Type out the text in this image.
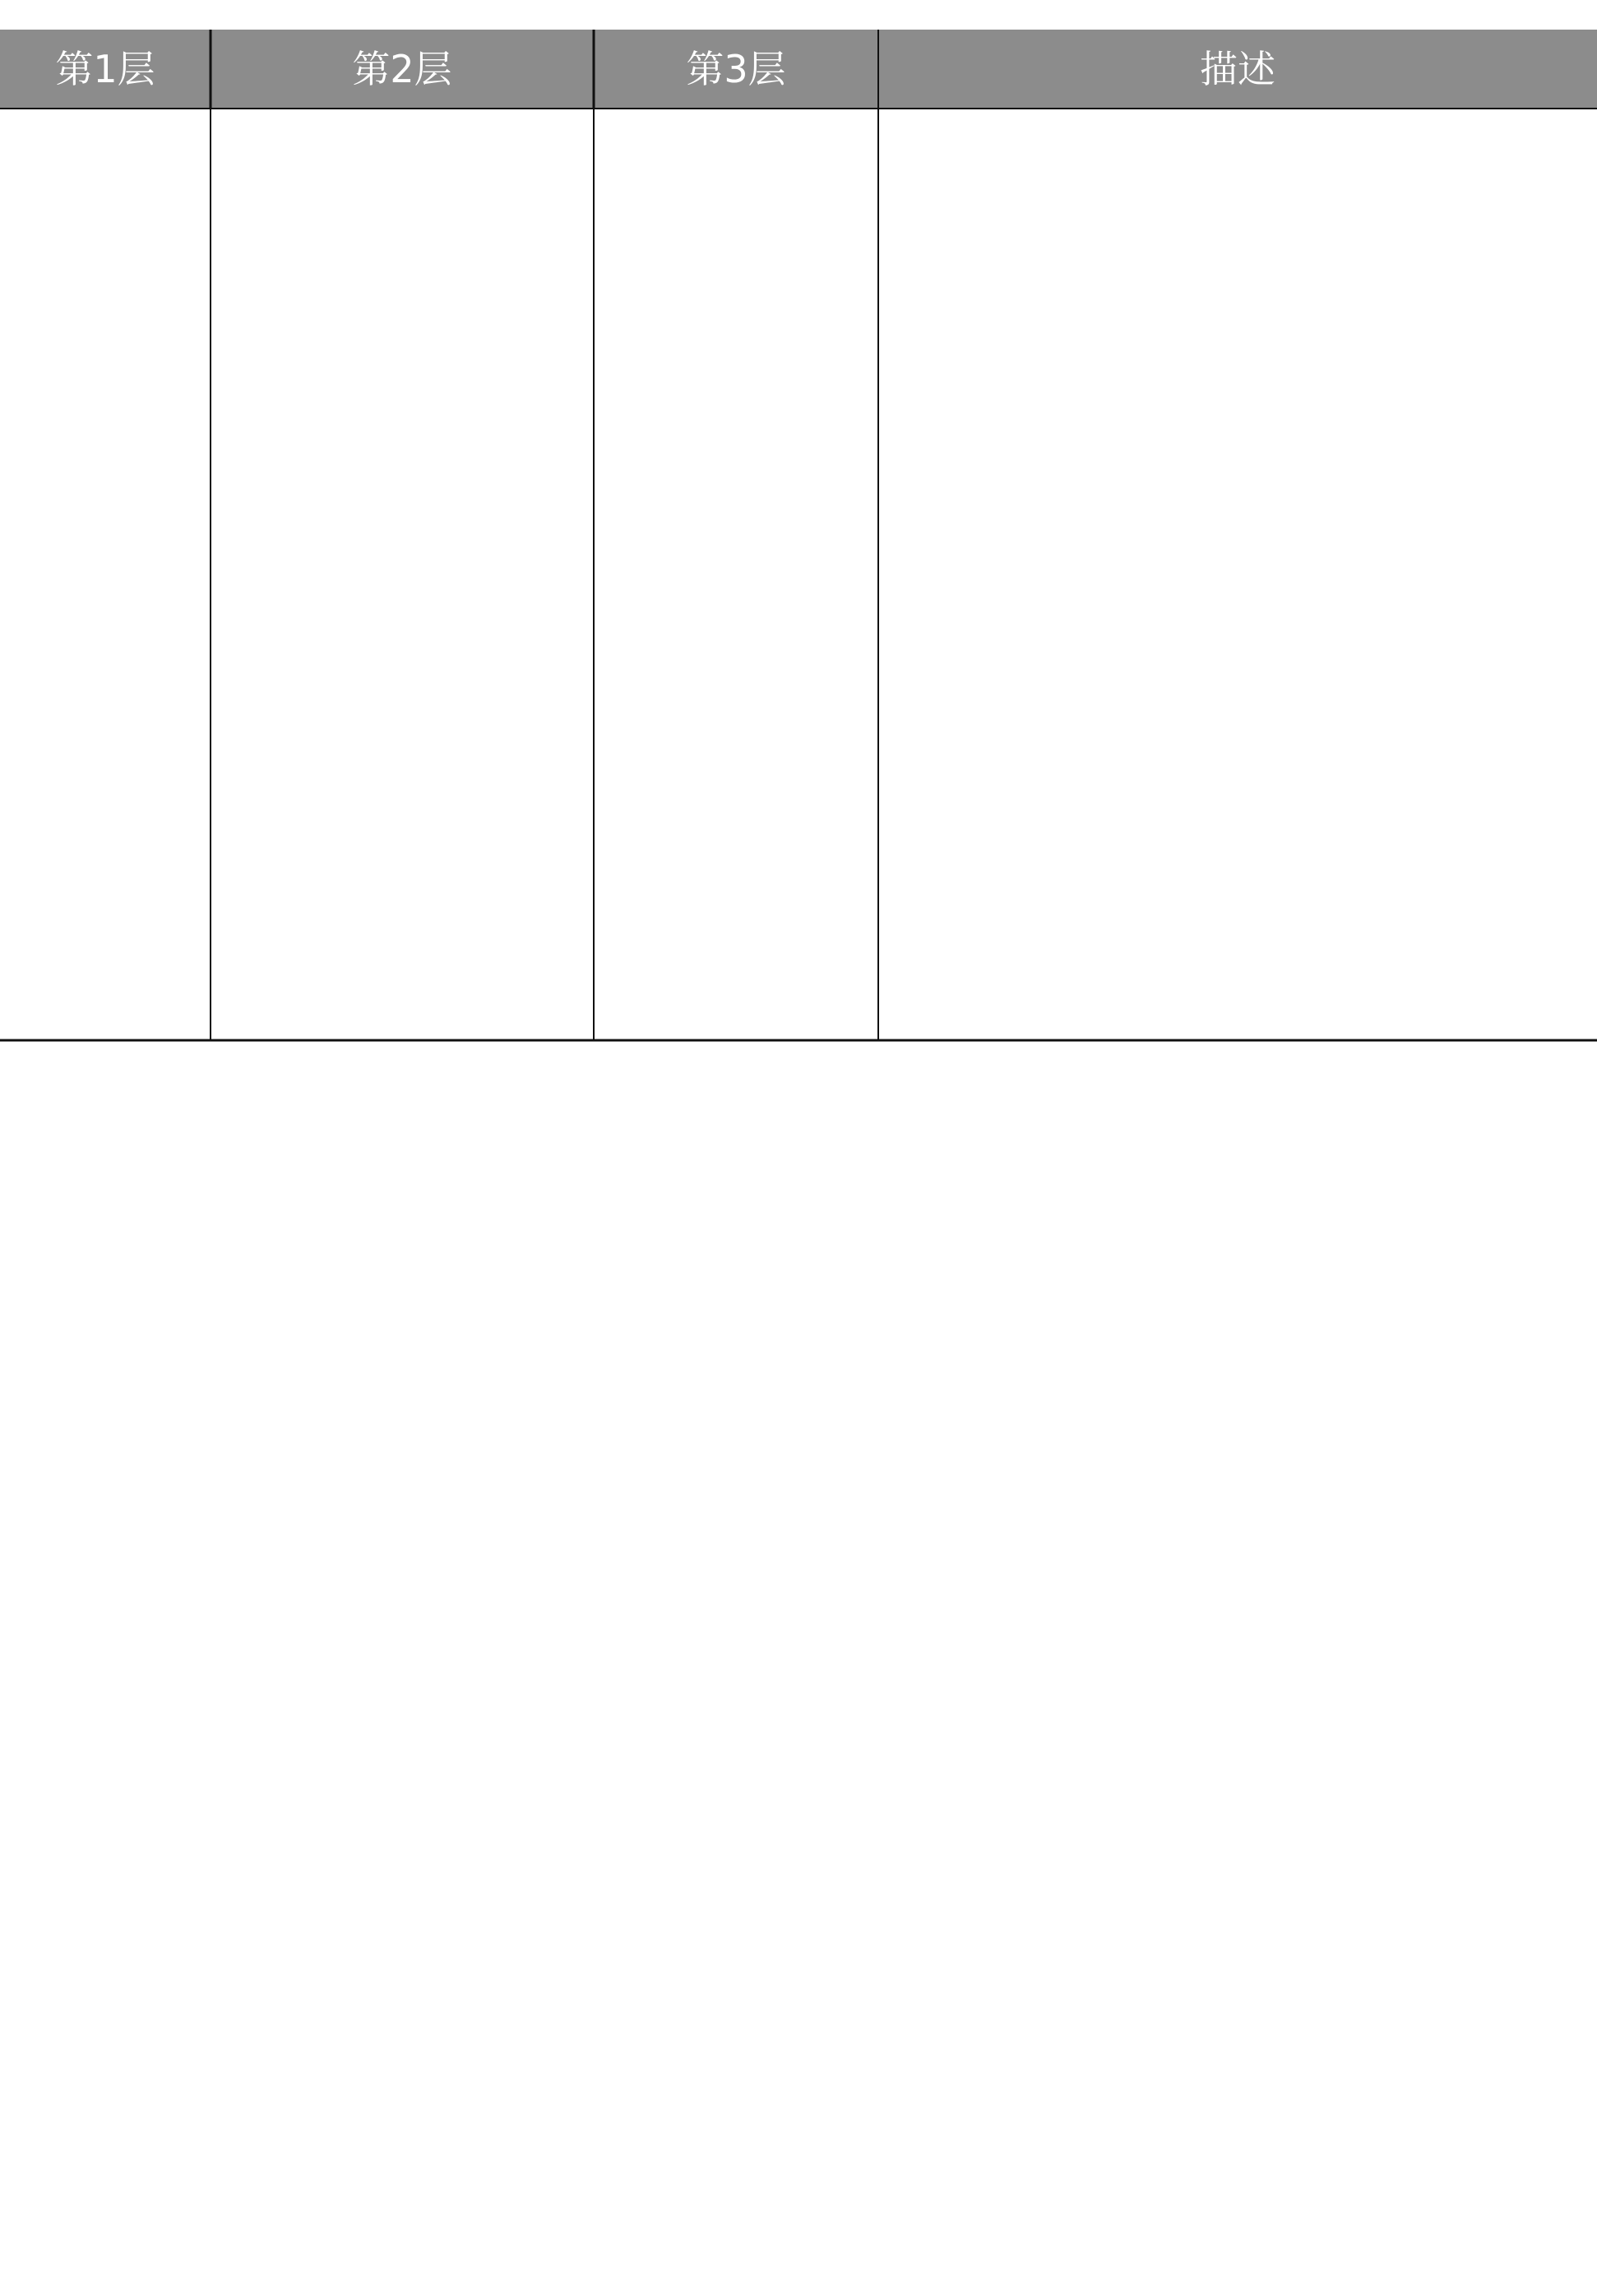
第1层	第2层	第3层	描述
